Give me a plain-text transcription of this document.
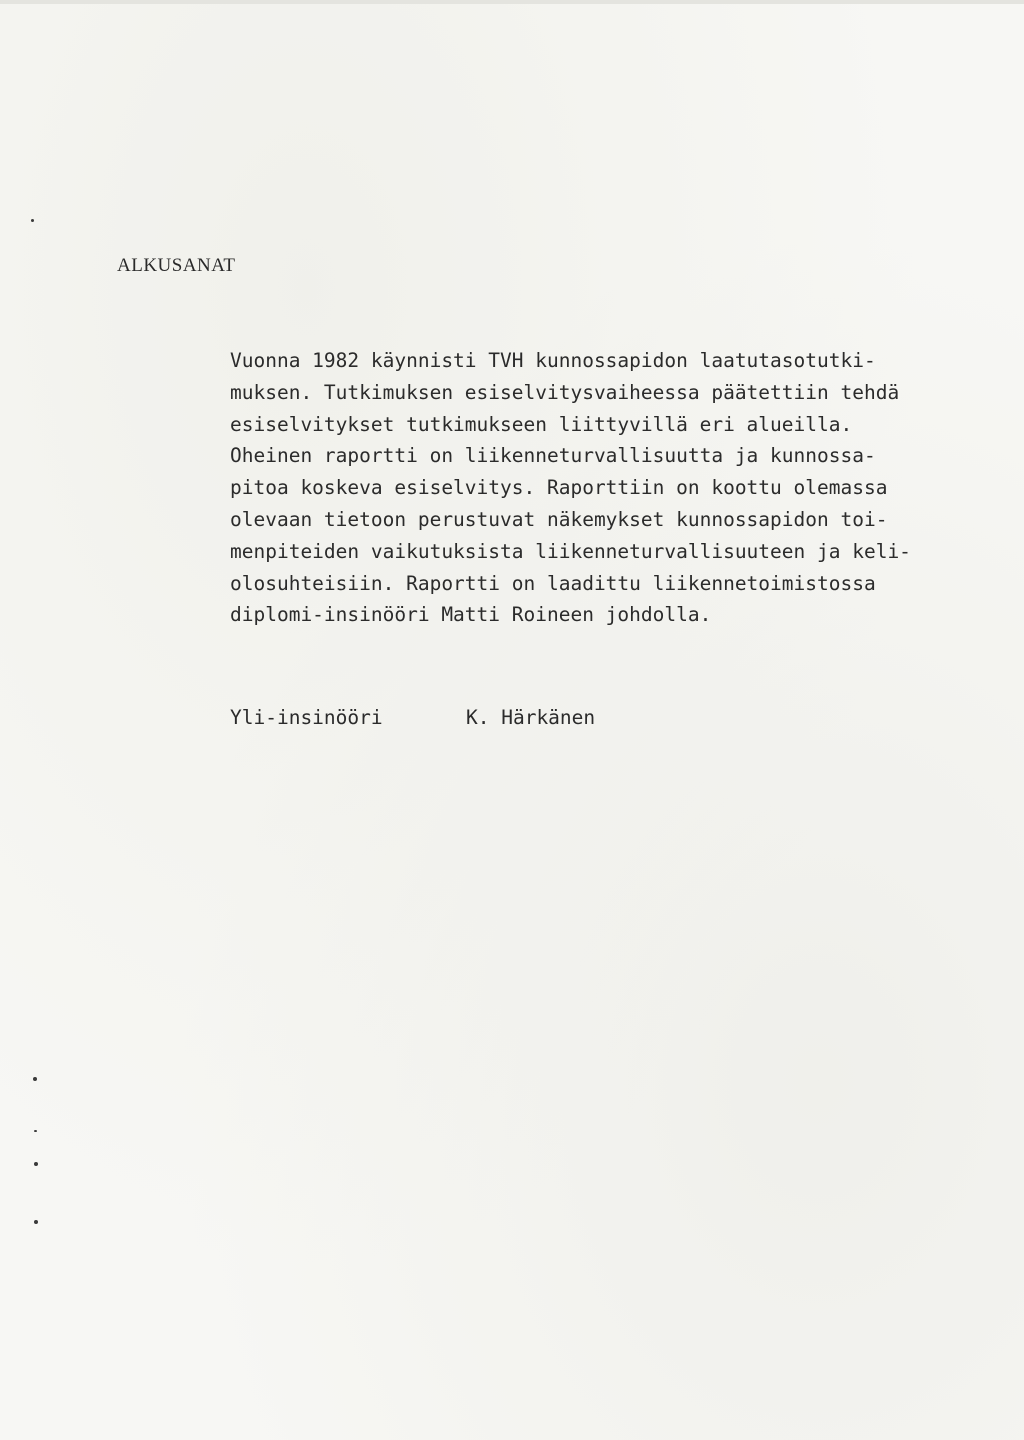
ALKUSANAT
Vuonna 1982 käynnisti TVH kunnossapidon laatutasotutki-
muksen. Tutkimuksen esiselvitysvaiheessa päätettiin tehdä
esiselvitykset tutkimukseen liittyvillä eri alueilla.
Oheinen raportti on liikenneturvallisuutta ja kunnossa-
pitoa koskeva esiselvitys. Raporttiin on koottu olemassa
olevaan tietoon perustuvat näkemykset kunnossapidon toi-
menpiteiden vaikutuksista liikenneturvallisuuteen ja keli-
olosuhteisiin. Raportti on laadittu liikennetoimistossa
diplomi-insinööri Matti Roineen johdolla.
Yli-insinööri	K. Härkänen
